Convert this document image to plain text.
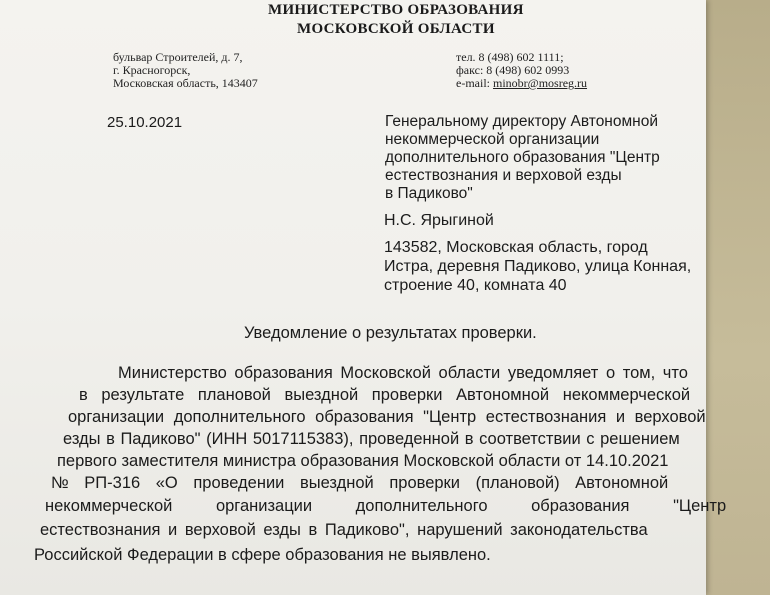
МИНИСТЕРСТВО ОБРАЗОВАНИЯ
МОСКОВСКОЙ ОБЛАСТИ
бульвар Строителей, д. 7,
г. Красногорск,
Московская область, 143407
тел. 8 (498) 602 1111;
факс: 8 (498) 602 0993
e-mail: minobr@mosreg.ru
25.10.2021	Генеральному директору Автономной
некоммерческой организации
дополнительного образования "Центр
естествознания и верховой езды
в Падиково"
Н.С. Ярыгиной
143582, Московская область, город
Истра, деревня Падиково, улица Конная,
строение 40, комната 40
Уведомление о результатах проверки.
Министерство образования Московской области уведомляет о том, что
в результате плановой выездной проверки Автономной некоммерческой
организации дополнительного образования "Центр естествознания и верховой
езды в Падиково" (ИНН 5017115383), проведенной в соответствии с решением
первого заместителя министра образования Московской области от 14.10.2021
№ РП-316 «О проведении выездной проверки (плановой) Автономной
некоммерческой организации дополнительного образования "Центр
естествознания и верховой езды в Падиково", нарушений законодательства
Российской Федерации в сфере образования не выявлено.
